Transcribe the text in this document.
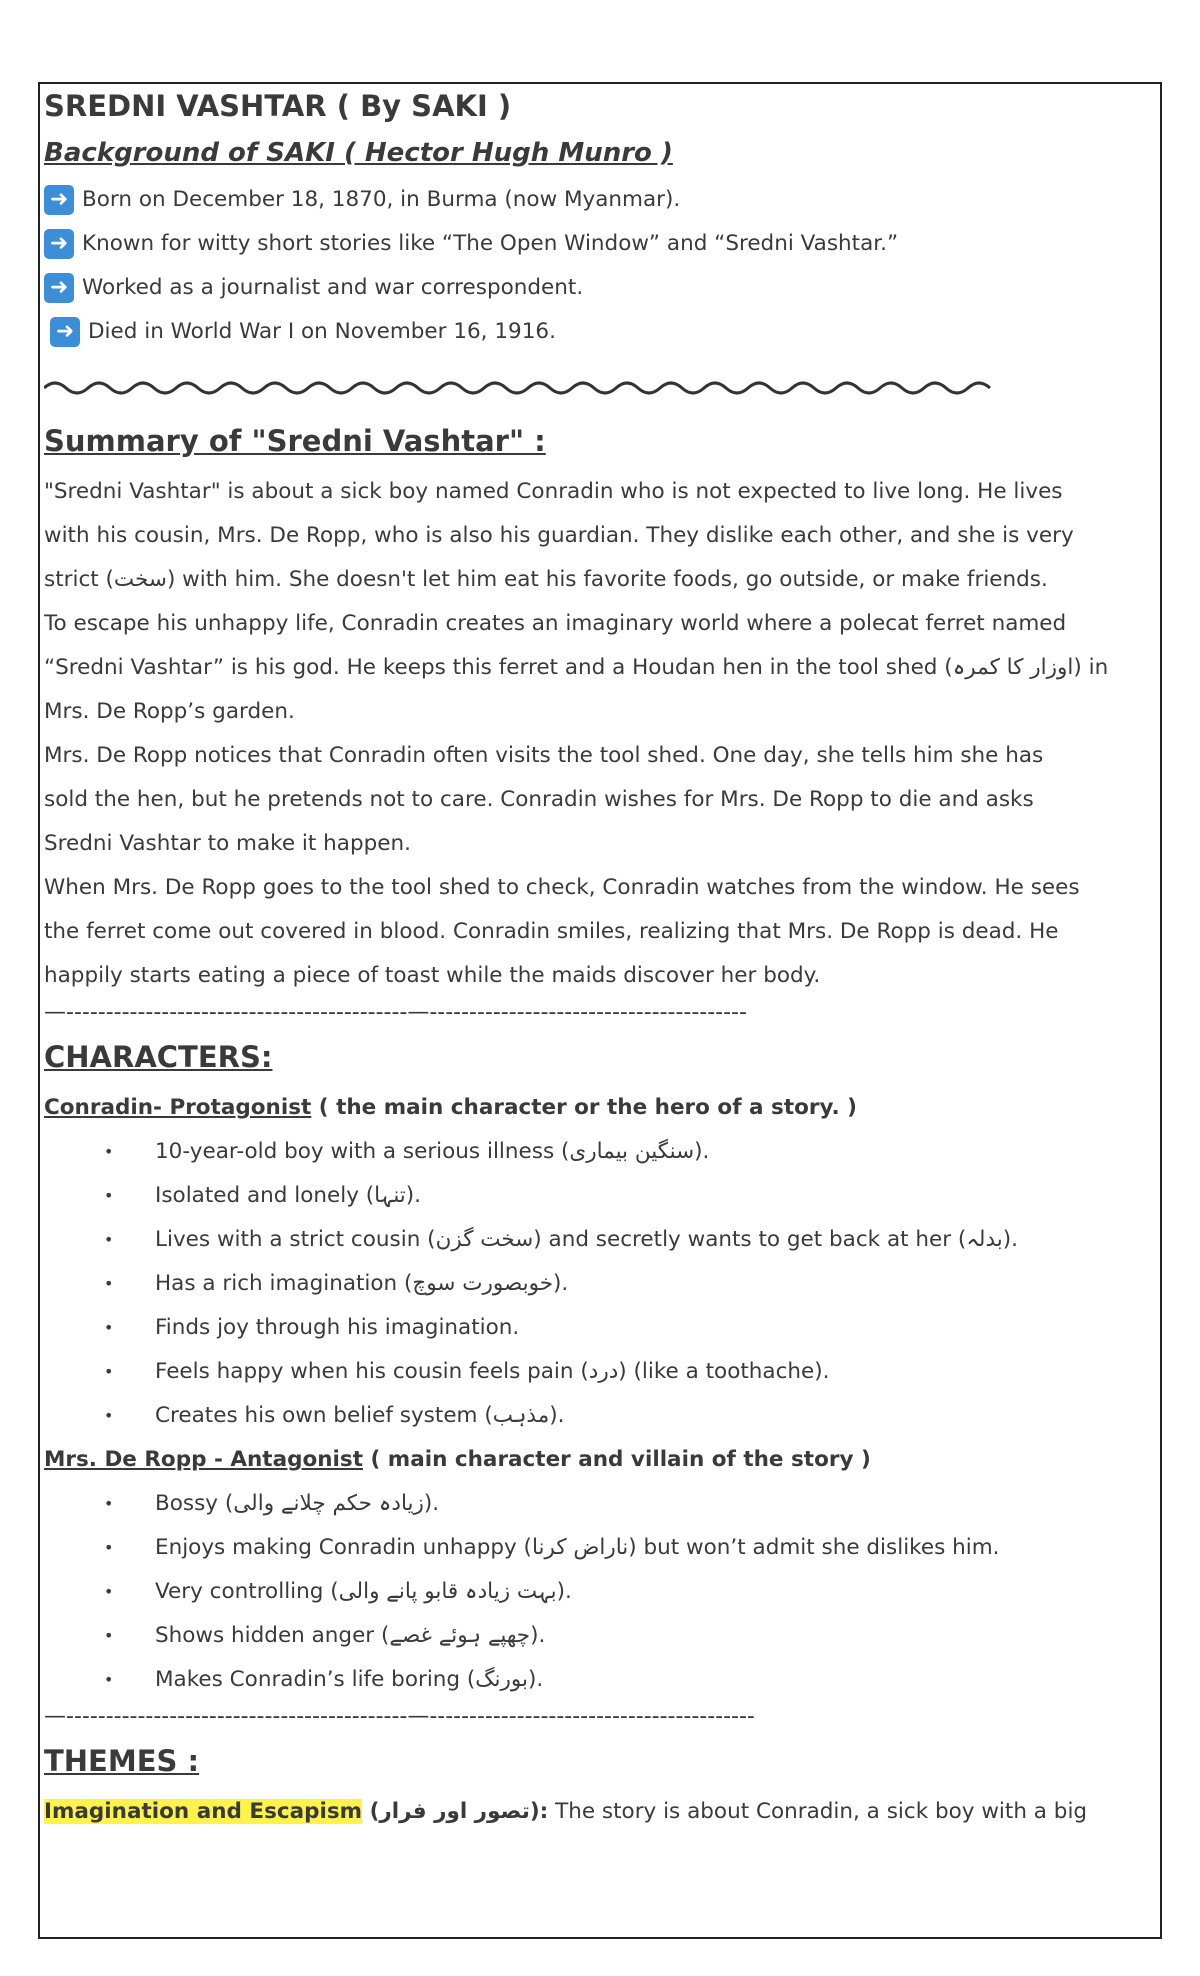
SREDNI VASHTAR ( By SAKI )
Background of SAKI ( Hector Hugh Munro )
➜ Born on December 18, 1870, in Burma (now Myanmar).
➜ Known for witty short stories like “The Open Window” and “Sredni Vashtar.”
➜ Worked as a journalist and war correspondent.
➜ Died in World War I on November 16, 1916.
Summary of "Sredni Vashtar" :
"Sredni Vashtar" is about a sick boy named Conradin who is not expected to live long. He lives
with his cousin, Mrs. De Ropp, who is also his guardian. They dislike each other, and she is very
strict (سخت) with him. She doesn't let him eat his favorite foods, go outside, or make friends.
To escape his unhappy life, Conradin creates an imaginary world where a polecat ferret named
“Sredni Vashtar” is his god. He keeps this ferret and a Houdan hen in the tool shed (اوزار کا کمرہ) in
Mrs. De Ropp’s garden.
Mrs. De Ropp notices that Conradin often visits the tool shed. One day, she tells him she has
sold the hen, but he pretends not to care. Conradin wishes for Mrs. De Ropp to die and asks
Sredni Vashtar to make it happen.
When Mrs. De Ropp goes to the tool shed to check, Conradin watches from the window. He sees
the ferret come out covered in blood. Conradin smiles, realizing that Mrs. De Ropp is dead. He
happily starts eating a piece of toast while the maids discover her body.
—-------------------------------------------—----------------------------------------
CHARACTERS:
Conradin- Protagonist ( the main character or the hero of a story. )
• 10-year-old boy with a serious illness (سنگین بیماری).
• Isolated and lonely (تنہا).
• Lives with a strict cousin (سخت گزن) and secretly wants to get back at her (بدلہ).
• Has a rich imagination (خوبصورت سوچ).
• Finds joy through his imagination.
• Feels happy when his cousin feels pain (درد) (like a toothache).
• Creates his own belief system (مذہب).
Mrs. De Ropp - Antagonist ( main character and villain of the story )
• Bossy (زیادہ حکم چلانے والی).
• Enjoys making Conradin unhappy (ناراض کرنا) but won’t admit she dislikes him.
• Very controlling (بہت زیادہ قابو پانے والی).
• Shows hidden anger (چھپے ہوئے غصے).
• Makes Conradin’s life boring (بورنگ).
—-------------------------------------------—-----------------------------------------
THEMES :
Imagination and Escapism (تصور اور فرار): The story is about Conradin, a sick boy with a big
